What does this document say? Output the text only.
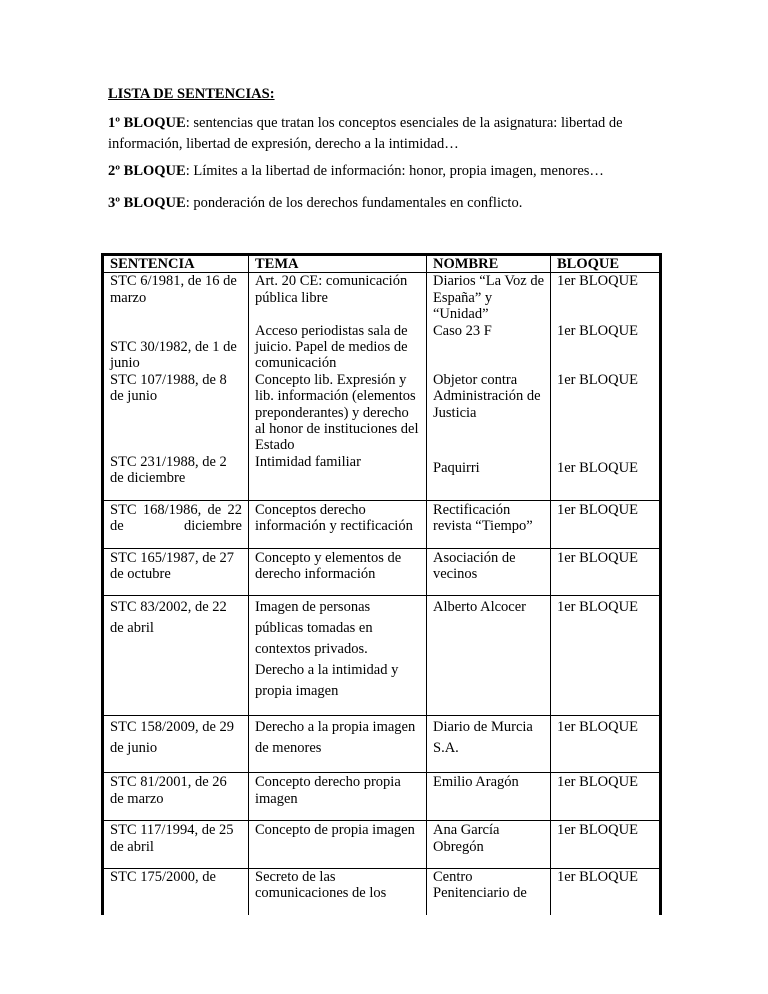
LISTA DE SENTENCIAS:
1º BLOQUE: sentencias que tratan los conceptos esenciales de la asignatura: libertad de información, libertad de expresión, derecho a la intimidad…
2º BLOQUE: Límites a la libertad de información: honor, propia imagen, menores…
3º BLOQUE: ponderación de los derechos fundamentales en conflicto.
SENTENCIA	TEMA	NOMBRE	BLOQUE
STC 6/1981, de 16 de marzo	Art. 20 CE: comunicación pública libre	Diarios “La Voz de España” y “Unidad”	1er BLOQUE
STC 30/1982, de 1 de junio	Acceso periodistas sala de juicio. Papel de medios de comunicación	Caso 23 F	1er BLOQUE
STC 107/1988, de 8 de junio	Concepto lib. Expresión y lib. información (elementos preponderantes) y derecho al honor de instituciones del Estado	Objetor contra Administración de Justicia	1er BLOQUE
STC 231/1988, de 2 de diciembre	Intimidad familiar	Paquirri	1er BLOQUE
STC 168/1986, de 22 de diciembre	Conceptos derecho información y rectificación	Rectificación revista “Tiempo”	1er BLOQUE
STC 165/1987, de 27 de octubre	Concepto y elementos de derecho información	Asociación de vecinos	1er BLOQUE
STC 83/2002, de 22 de abril	Imagen de personas públicas tomadas en contextos privados. Derecho a la intimidad y propia imagen	Alberto Alcocer	1er BLOQUE
STC 158/2009, de 29 de junio	Derecho a la propia imagen de menores	Diario de Murcia S.A.	1er BLOQUE
STC 81/2001, de 26 de marzo	Concepto derecho propia imagen	Emilio Aragón	1er BLOQUE
STC 117/1994, de 25 de abril	Concepto de propia imagen	Ana García Obregón	1er BLOQUE
STC 175/2000, de	Secreto de las comunicaciones de los	Centro Penitenciario de	1er BLOQUE
